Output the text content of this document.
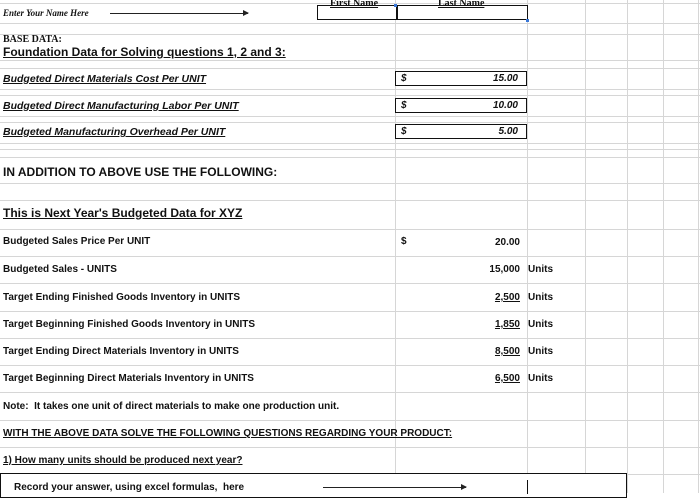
Enter Your Name Here
First Name	Last Name
BASE DATA:
Foundation Data for Solving questions 1, 2 and 3:
Budgeted Direct Materials Cost Per UNIT	$	15.00
Budgeted Direct Manufacturing Labor Per UNIT	$	10.00
Budgeted Manufacturing Overhead Per UNIT	$	5.00
IN ADDITION TO ABOVE USE THE FOLLOWING:
This is Next Year's Budgeted Data for XYZ
Budgeted Sales Price Per UNIT	$	20.00
Budgeted Sales - UNITS	15,000 Units
Target Ending Finished Goods Inventory in UNITS	2,500 Units
Target Beginning Finished Goods Inventory in UNITS	1,850 Units
Target Ending Direct Materials Inventory in UNITS	8,500 Units
Target Beginning Direct Materials Inventory in UNITS	6,500 Units
Note:  It takes one unit of direct materials to make one production unit.
WITH THE ABOVE DATA SOLVE THE FOLLOWING QUESTIONS REGARDING YOUR PRODUCT:
1) How many units should be produced next year?
Record your answer, using excel formulas,  here
